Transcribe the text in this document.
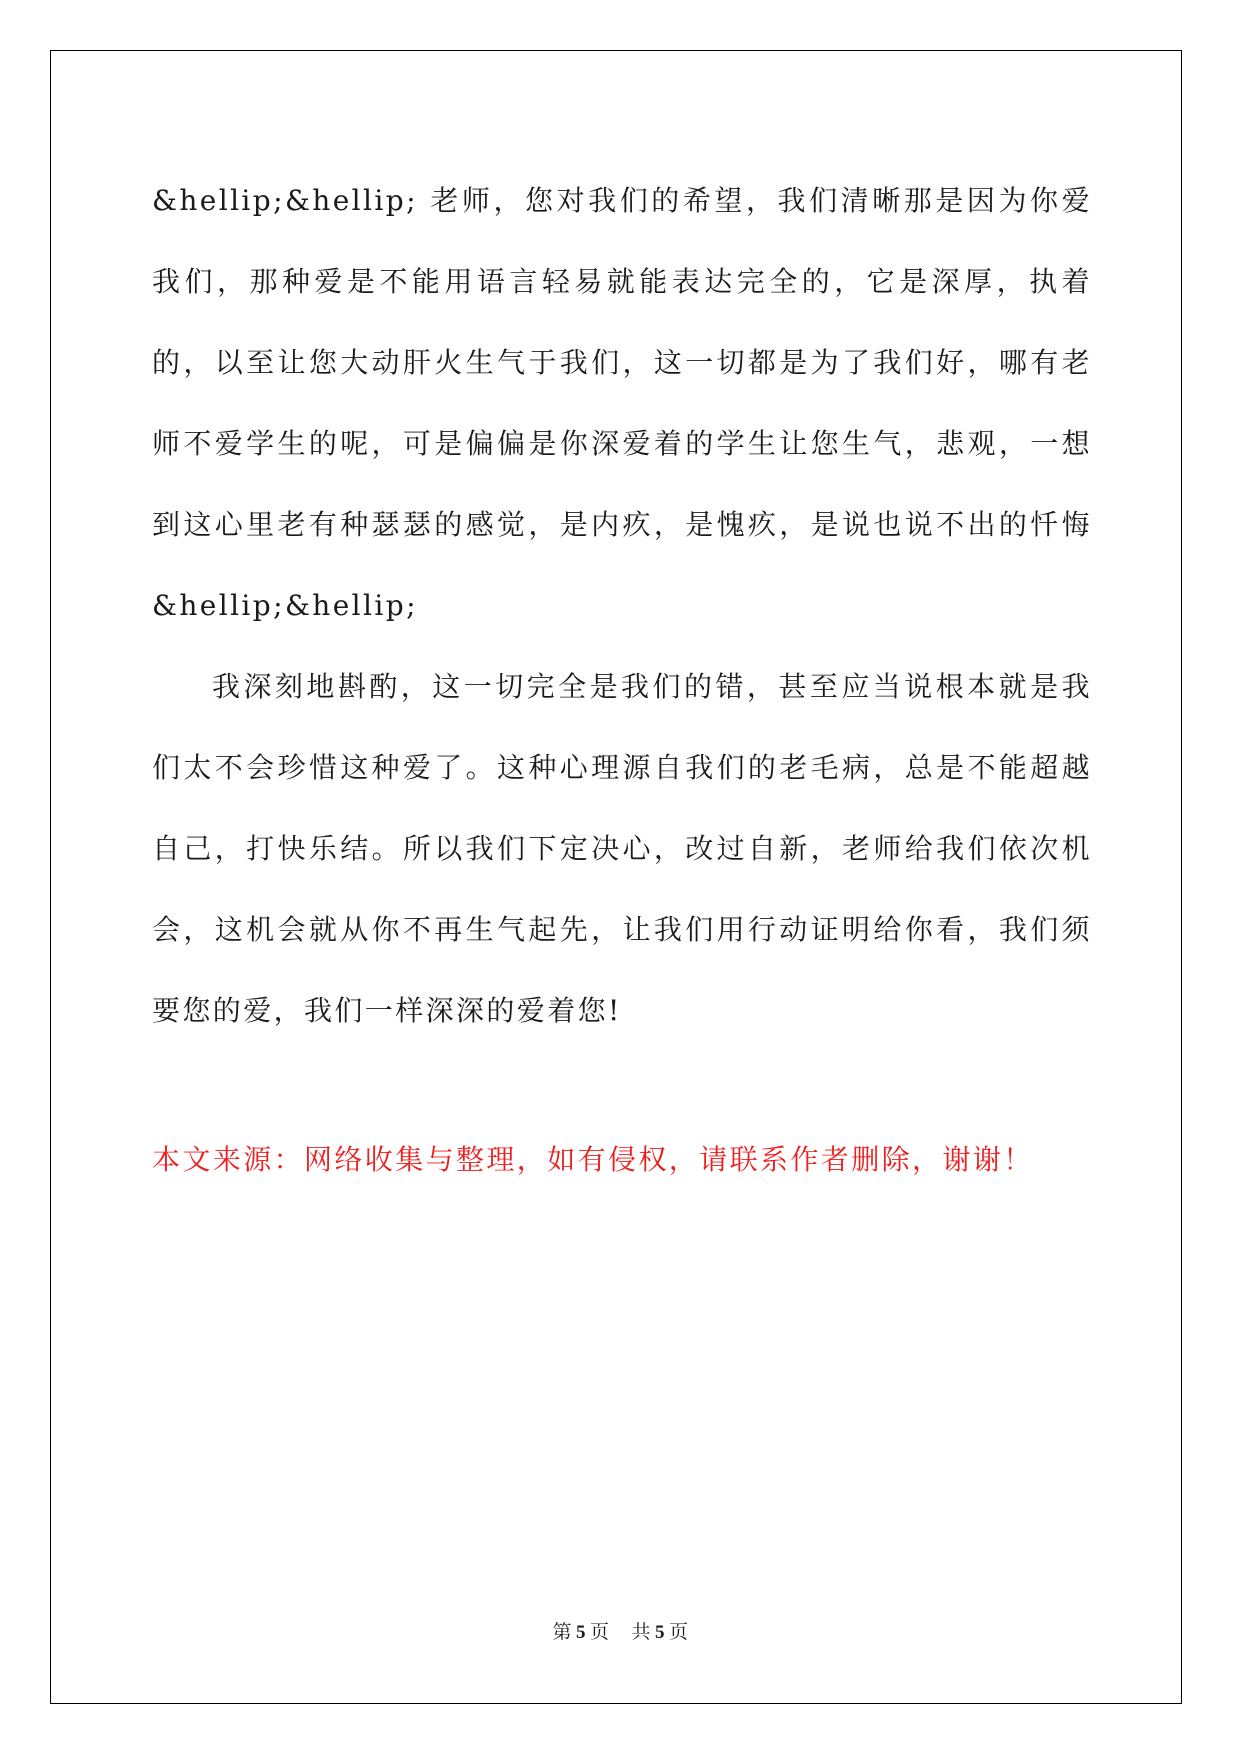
&hellip;&hellip; 老师，您对我们的希望，我们清晰那是因为你爱我们，那种爱是不能用语言轻易就能表达完全的，它是深厚，执着的，以至让您大动肝火生气于我们，这一切都是为了我们好，哪有老师不爱学生的呢，可是偏偏是你深爱着的学生让您生气，悲观，一想到这心里老有种瑟瑟的感觉，是内疚，是愧疚，是说也说不出的忏悔&hellip;&hellip;

我深刻地斟酌，这一切完全是我们的错，甚至应当说根本就是我们太不会珍惜这种爱了。这种心理源自我们的老毛病，总是不能超越自己，打快乐结。所以我们下定决心，改过自新，老师给我们依次机会，这机会就从你不再生气起先，让我们用行动证明给你看，我们须要您的爱，我们一样深深的爱着您!

本文来源：网络收集与整理，如有侵权，请联系作者删除，谢谢！

第 5 页 共 5 页
